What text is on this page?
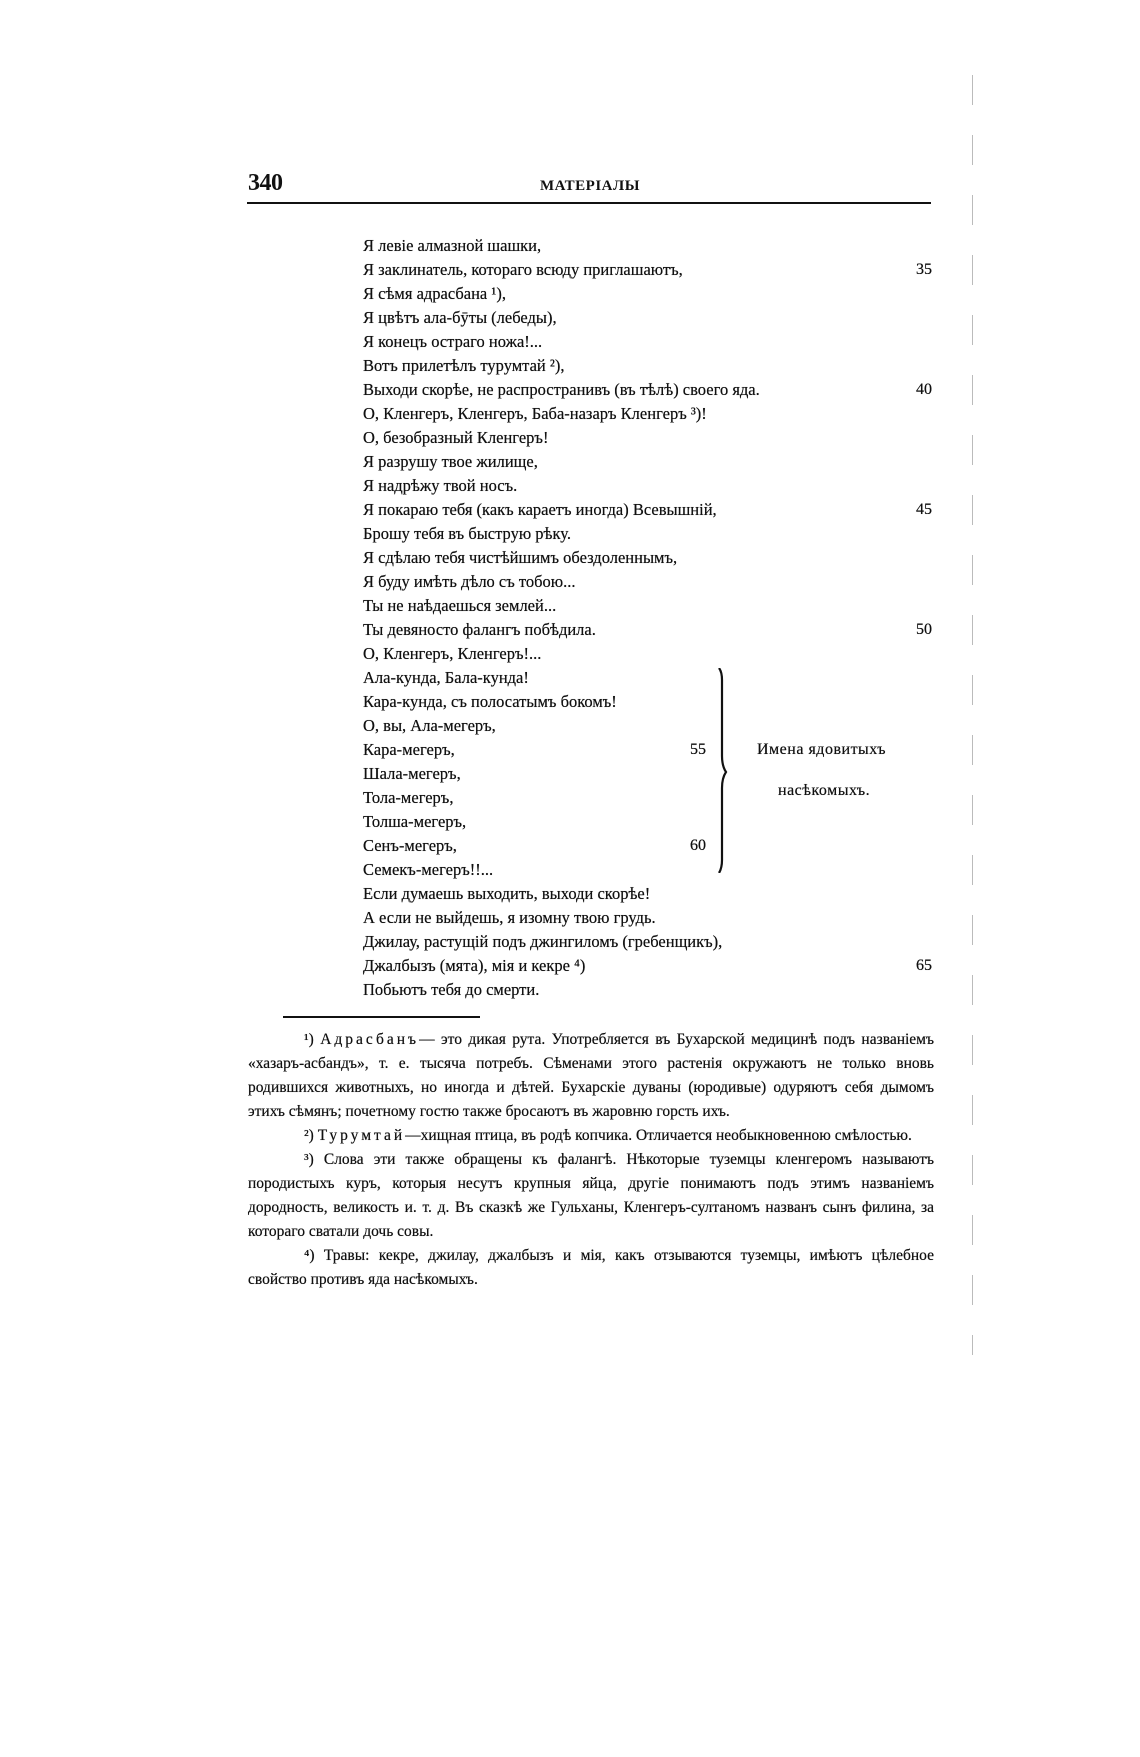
340	МАТЕРІАЛЫ
Я левіе алмазной шашки,
Я заклинатель, котораго всюду приглашаютъ,	35
Я сѣмя адрасбана ¹),
Я цвѣтъ ала-бӯты (лебеды),
Я конецъ остраго ножа!...
Вотъ прилетѣлъ турумтай ²),
Выходи скорѣе, не распространивъ (въ тѣлѣ) своего яда.	40
О, Кленгеръ, Кленгеръ, Баба-назаръ Кленгеръ ³)!
О, безобразный Кленгеръ!
Я разрушу твое жилище,
Я надрѣжу твой носъ.
Я покараю тебя (какъ караетъ иногда) Всевышній,	45
Брошу тебя въ быструю рѣку.
Я сдѣлаю тебя чистѣйшимъ обездоленнымъ,
Я буду имѣть дѣло съ тобою...
Ты не наѣдаешься землей...
Ты девяносто фалангъ побѣдила.	50
О, Кленгеръ, Кленгеръ!...
Ала-кунда, Бала-кунда!
Кара-кунда, съ полосатымъ бокомъ!
О, вы, Ала-мегеръ,
Кара-мегеръ,	55
Шала-мегеръ,
Тола-мегеръ,
Толша-мегеръ,
Сенъ-мегеръ,	60
Семекъ-мегеръ!!...
Если думаешь выходить, выходи скорѣе!
А если не выйдешь, я изомну твою грудь.
Джилау, растущій подъ джингиломъ (гребенщикъ),
Джалбызъ (мята), мія и кекре ⁴)	65
Побьютъ тебя до смерти.
Имена ядовитыхъ
насѣкомыхъ.

¹) Адрасбанъ— это дикая рута. Употребляется въ Бухарской медицинѣ подъ названіемъ «хазаръ-асбандъ», т. е. тысяча потребъ. Сѣменами этого растенія окружаютъ не только вновь родившихся животныхъ, но иногда и дѣтей. Бухарскіе дуваны (юродивые) одуряютъ себя дымомъ этихъ сѣмянъ; почетному гостю также бросаютъ въ жаровню горсть ихъ.

²) Турумтай—хищная птица, въ родѣ копчика. Отличается необыкновенною смѣлостью.

³) Слова эти также обращены къ фалангѣ. Нѣкоторые туземцы кленгеромъ называютъ породистыхъ куръ, которыя несутъ крупныя яйца, другіе понимаютъ подъ этимъ названіемъ дородность, великость и. т. д. Въ сказкѣ же Гульханы, Кленгеръ-султаномъ названъ сынъ филина, за котораго сватали дочь совы.

⁴) Травы: кекре, джилау, джалбызъ и мія, какъ отзываются туземцы, имѣютъ цѣлебное свойство противъ яда насѣкомыхъ.
